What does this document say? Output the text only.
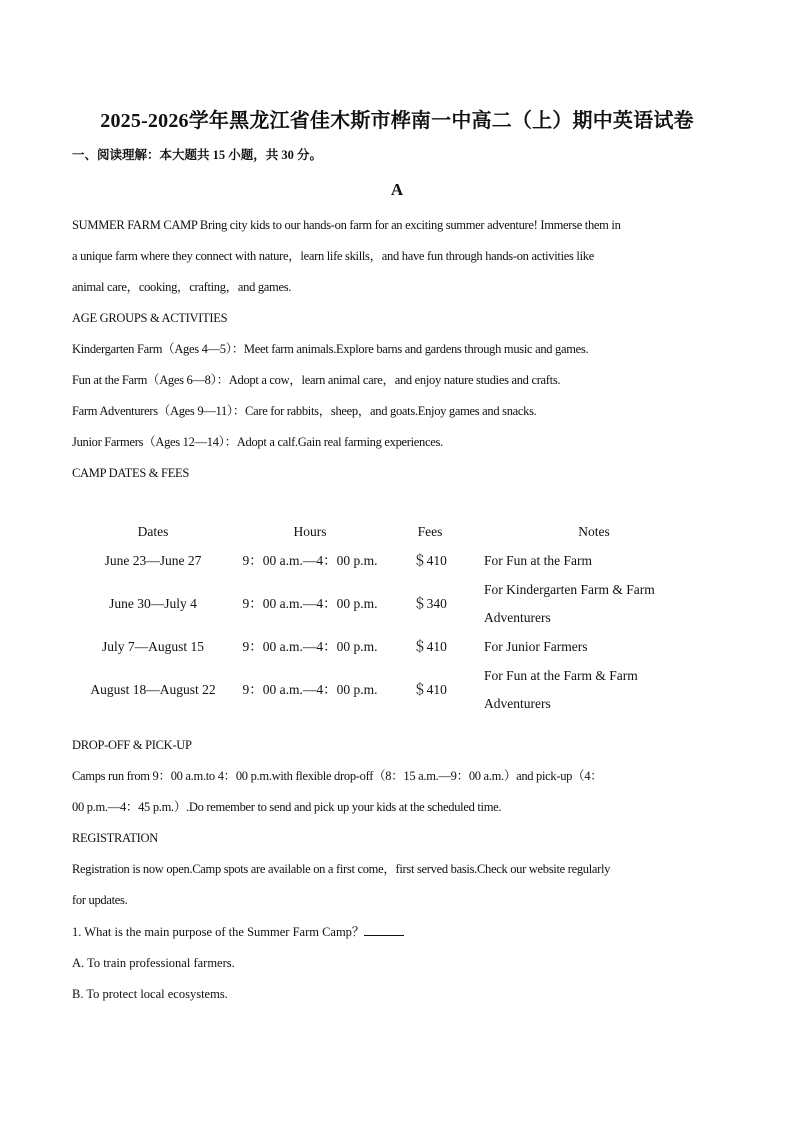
2025-2026学年黑龙江省佳木斯市桦南一中高二（上）期中英语试卷
一、阅读理解：本大题共 15 小题，共 30 分。
A
SUMMER FARM CAMP Bring city kids to our hands-on farm for an exciting summer adventure! Immerse them in
a unique farm where they connect with nature，learn life skills，and have fun through hands-on activities like
animal care，cooking，crafting，and games.
AGE GROUPS & ACTIVITIES
Kindergarten Farm（Ages 4—5）：Meet farm animals.Explore barns and gardens through music and games.
Fun at the Farm（Ages 6—8）：Adopt a cow，learn animal care，and enjoy nature studies and crafts.
Farm Adventurers（Ages 9—11）：Care for rabbits，sheep，and goats.Enjoy games and snacks.
Junior Farmers（Ages 12—14）：Adopt a calf.Gain real farming experiences.
CAMP DATES & FEES
Dates	Hours	Fees	Notes
June 23—June 27	9：00 a.m.—4：00 p.m.	＄410	For Fun at the Farm
June 30—July 4	9：00 a.m.—4：00 p.m.	＄340	For Kindergarten Farm & Farm Adventurers
July 7—August 15	9：00 a.m.—4：00 p.m.	＄410	For Junior Farmers
August 18—August 22	9：00 a.m.—4：00 p.m.	＄410	For Fun at the Farm & Farm Adventurers
DROP-OFF & PICK-UP
Camps run from 9：00 a.m.to 4：00 p.m.with flexible drop-off（8：15 a.m.—9：00 a.m.）and pick-up（4：
00 p.m.—4：45 p.m.）.Do remember to send and pick up your kids at the scheduled time.
REGISTRATION
Registration is now open.Camp spots are available on a first come，first served basis.Check our website regularly
for updates.
1. What is the main purpose of the Summer Farm Camp？
A. To train professional farmers.
B. To protect local ecosystems.
